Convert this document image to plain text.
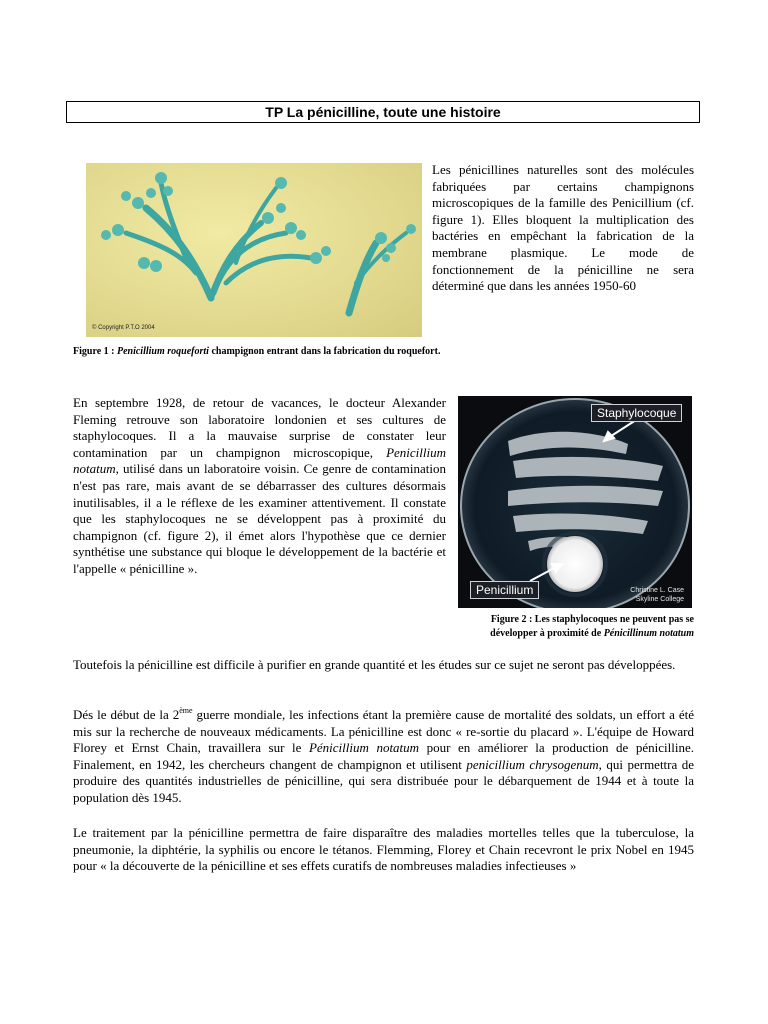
TP La pénicilline, toute une histoire
© Copyright P.T.O 2004
Les pénicillines naturelles sont des molécules fabriquées par certains champignons microscopiques de la famille des Penicillium (cf. figure 1). Elles bloquent la multiplication des bactéries en empêchant la fabrication de la membrane plasmique. Le mode de fonctionnement de la pénicilline ne sera déterminé que dans les années 1950-60
Figure 1 : Penicillium roqueforti champignon entrant dans la fabrication du roquefort.
En septembre 1928, de retour de vacances, le docteur Alexander Fleming retrouve son laboratoire londonien et ses cultures de staphylocoques. Il a la mauvaise surprise de constater leur contamination par un champignon microscopique, Penicillium notatum, utilisé dans un laboratoire voisin. Ce genre de contamination n'est pas rare, mais avant de se débarrasser des cultures désormais inutilisables, il a le réflexe de les examiner attentivement. Il constate que les staphylocoques ne se développent pas à proximité du champignon (cf. figure 2), il émet alors l'hypothèse que ce dernier synthétise une substance qui bloque le développement de la bactérie et l'appelle « pénicilline ».
Staphylocoque
Penicillium	Christine L. Case
Skyline College
Figure 2 : Les staphylocoques ne peuvent pas se
développer à proximité de Pénicillinum notatum
Toutefois la pénicilline est difficile à purifier en grande quantité et les études sur ce sujet ne seront pas développées.
Dés le début de la 2ème guerre mondiale, les infections étant la première cause de mortalité des soldats, un effort a été mis sur la recherche de nouveaux médicaments. La pénicilline est donc « re-sortie du placard ». L'équipe de Howard Florey et Ernst Chain, travaillera sur le Pénicillium notatum pour en améliorer la production de pénicilline. Finalement, en 1942, les chercheurs changent de champignon et utilisent penicillium chrysogenum, qui permettra de produire des quantités industrielles de pénicilline, qui sera distribuée pour le débarquement de 1944 et à toute la population dès 1945.
Le traitement par la pénicilline permettra de faire disparaître des maladies mortelles telles que la tuberculose, la pneumonie, la diphtérie, la syphilis ou encore le tétanos. Flemming, Florey et Chain recevront le prix Nobel en 1945 pour « la découverte de la pénicilline et ses effets curatifs de nombreuses maladies infectieuses »
